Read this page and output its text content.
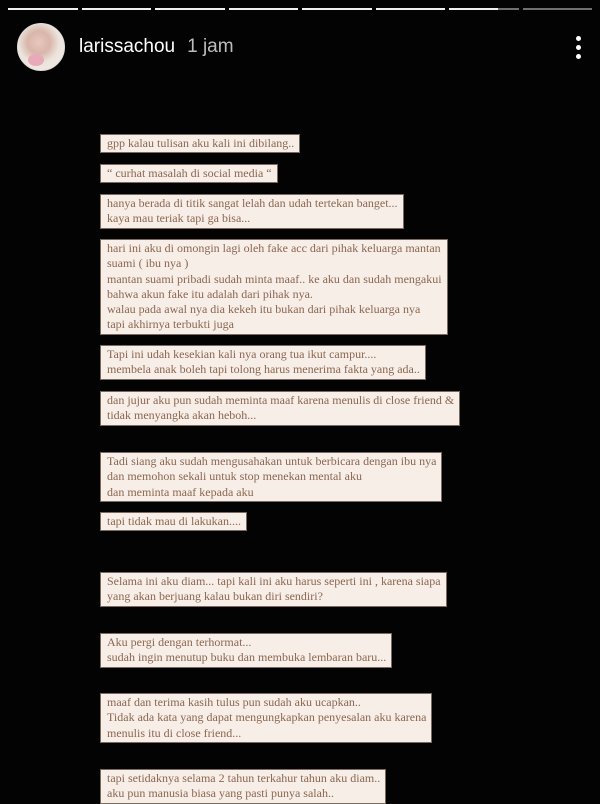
larissachou 1 jam
gpp kalau tulisan aku kali ini dibilang..
“ curhat masalah di social media “
hanya berada di titik sangat lelah dan udah tertekan banget...
kaya mau teriak tapi ga bisa...
hari ini aku di omongin lagi oleh fake acc dari pihak keluarga mantan
suami ( ibu nya )
mantan suami pribadi sudah minta maaf.. ke aku dan sudah mengakui
bahwa akun fake itu adalah dari pihak nya.
walau pada awal nya dia kekeh itu bukan dari pihak keluarga nya
tapi akhirnya terbukti juga
Tapi ini udah kesekian kali nya orang tua ikut campur....
membela anak boleh tapi tolong harus menerima fakta yang ada..
dan jujur aku pun sudah meminta maaf karena menulis di close friend &
tidak menyangka akan heboh...
Tadi siang aku sudah mengusahakan untuk berbicara dengan ibu nya
dan memohon sekali untuk stop menekan mental aku
dan meminta maaf kepada aku
tapi tidak mau di lakukan....
Selama ini aku diam... tapi kali ini aku harus seperti ini , karena siapa
yang akan berjuang kalau bukan diri sendiri?
Aku pergi dengan terhormat...
sudah ingin menutup buku dan membuka lembaran baru...
maaf dan terima kasih tulus pun sudah aku ucapkan..
Tidak ada kata yang dapat mengungkapkan penyesalan aku karena
menulis itu di close friend...
tapi setidaknya selama 2 tahun terkahur tahun aku diam..
aku pun manusia biasa yang pasti punya salah..
